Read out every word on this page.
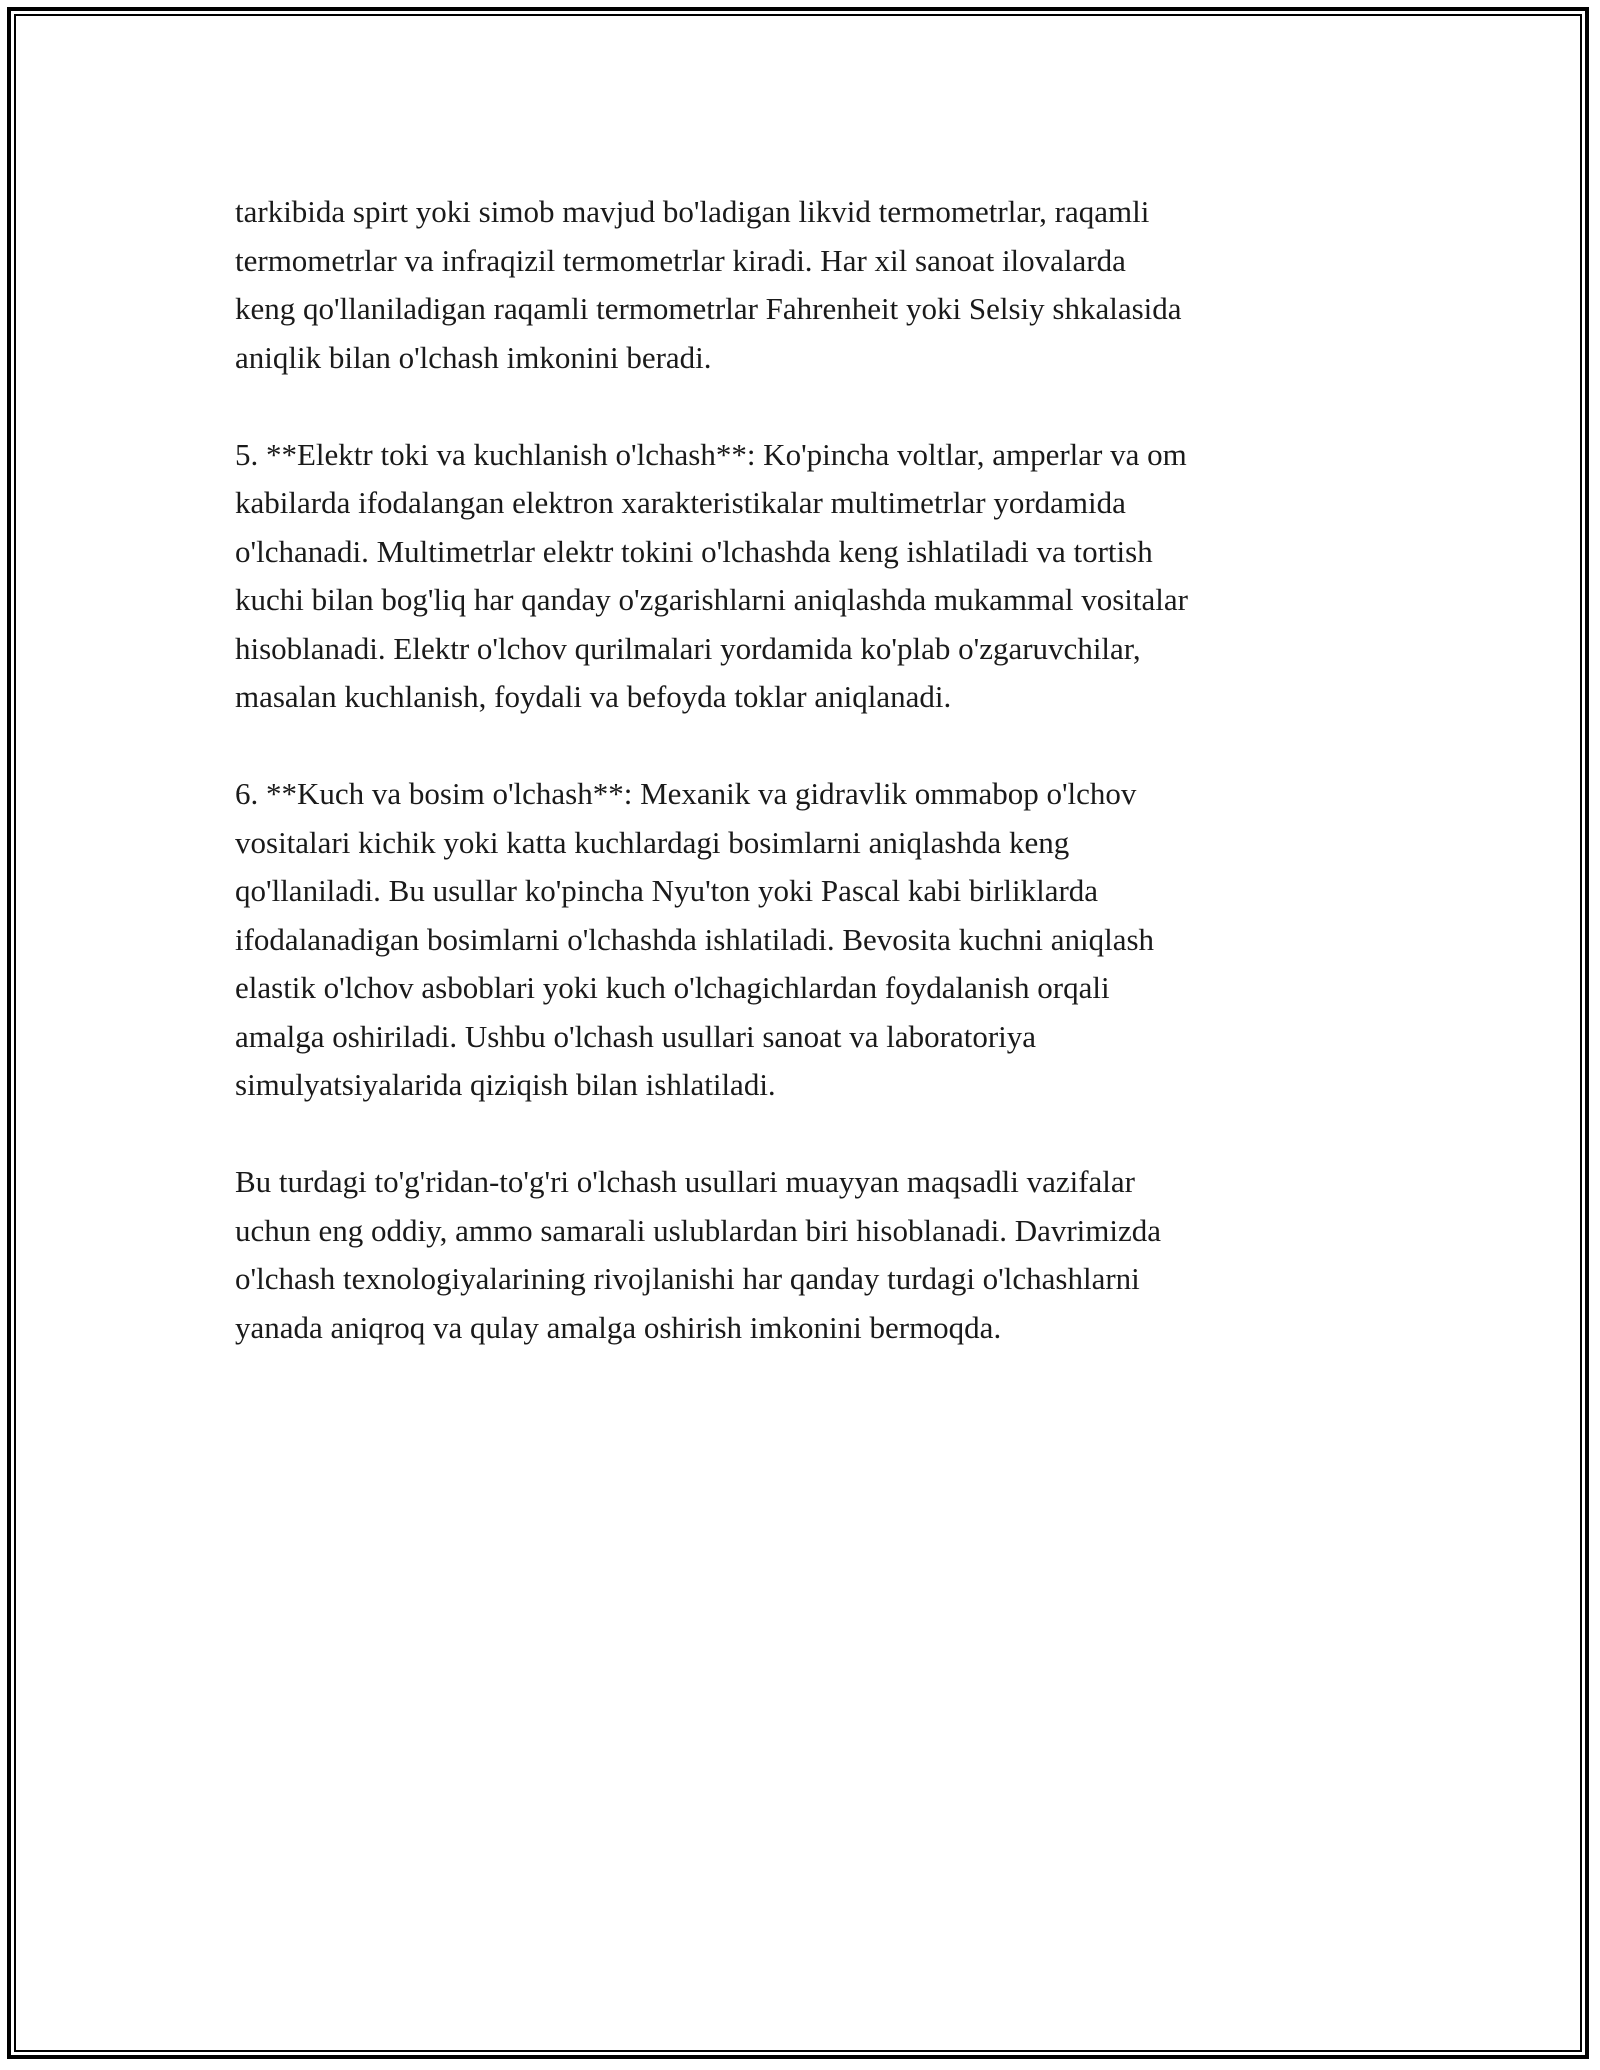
tarkibida spirt yoki simob mavjud bo'ladigan likvid termometrlar, raqamli
termometrlar va infraqizil termometrlar kiradi. Har xil sanoat ilovalarda
keng qo'llaniladigan raqamli termometrlar Fahrenheit yoki Selsiy shkalasida
aniqlik bilan o'lchash imkonini beradi.

5. **Elektr toki va kuchlanish o'lchash**: Ko'pincha voltlar, amperlar va om
kabilarda ifodalangan elektron xarakteristikalar multimetrlar yordamida
o'lchanadi. Multimetrlar elektr tokini o'lchashda keng ishlatiladi va tortish
kuchi bilan bog'liq har qanday o'zgarishlarni aniqlashda mukammal vositalar
hisoblanadi. Elektr o'lchov qurilmalari yordamida ko'plab o'zgaruvchilar,
masalan kuchlanish, foydali va befoyda toklar aniqlanadi.

6. **Kuch va bosim o'lchash**: Mexanik va gidravlik ommabop o'lchov
vositalari kichik yoki katta kuchlardagi bosimlarni aniqlashda keng
qo'llaniladi. Bu usullar ko'pincha Nyu'ton yoki Pascal kabi birliklarda
ifodalanadigan bosimlarni o'lchashda ishlatiladi. Bevosita kuchni aniqlash
elastik o'lchov asboblari yoki kuch o'lchagichlardan foydalanish orqali
amalga oshiriladi. Ushbu o'lchash usullari sanoat va laboratoriya
simulyatsiyalarida qiziqish bilan ishlatiladi.

Bu turdagi to'g'ridan-to'g'ri o'lchash usullari muayyan maqsadli vazifalar
uchun eng oddiy, ammo samarali uslublardan biri hisoblanadi. Davrimizda
o'lchash texnologiyalarining rivojlanishi har qanday turdagi o'lchashlarni
yanada aniqroq va qulay amalga oshirish imkonini bermoqda.
